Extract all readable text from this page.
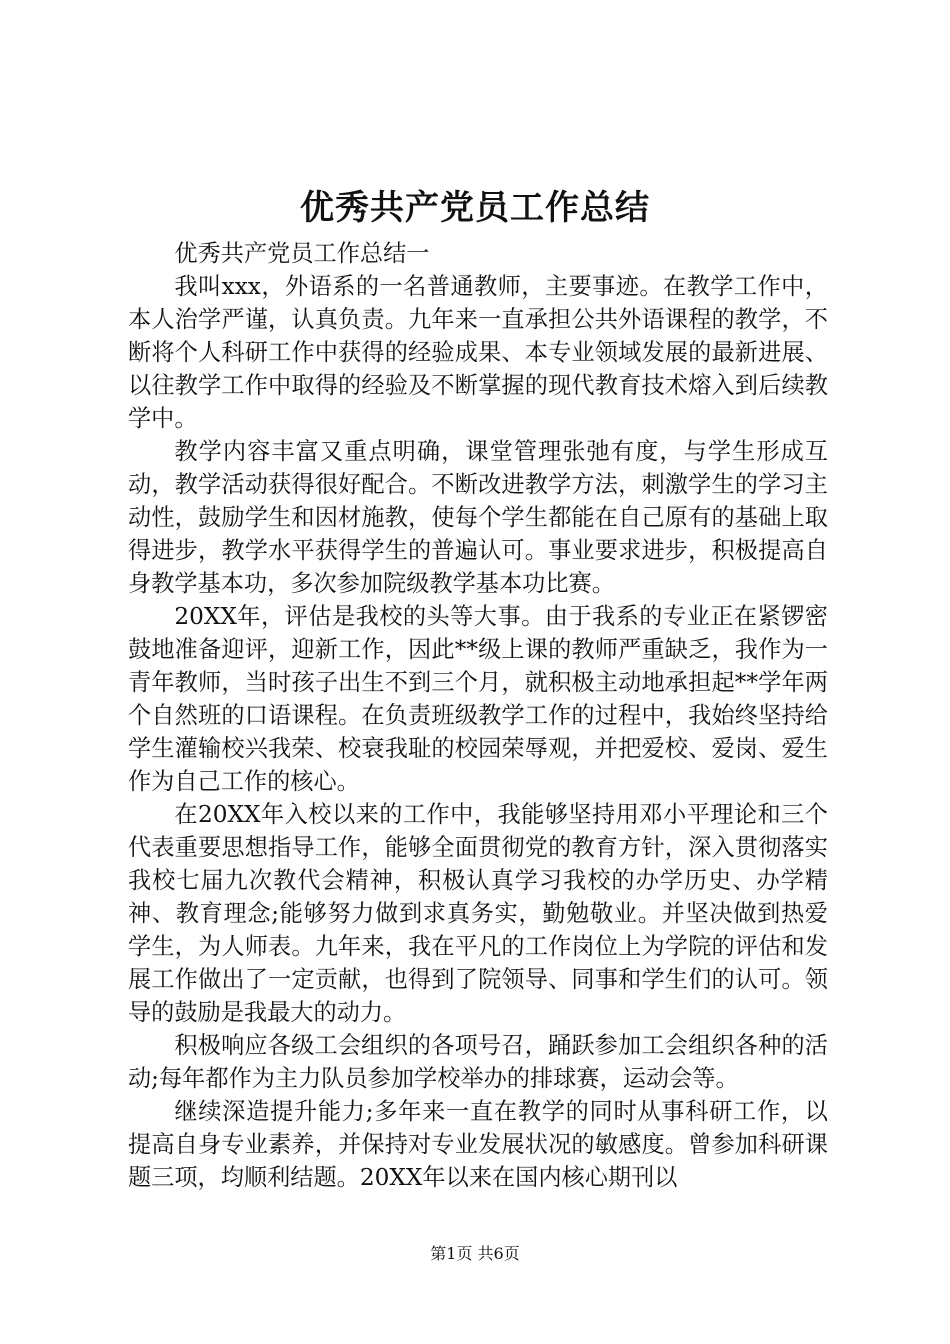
优秀共产党员工作总结

优秀共产党员工作总结一

我叫xxx，外语系的一名普通教师，主要事迹。在教学工作中，本人治学严谨，认真负责。九年来一直承担公共外语课程的教学，不断将个人科研工作中获得的经验成果、本专业领域发展的最新进展、以往教学工作中取得的经验及不断掌握的现代教育技术熔入到后续教学中。

教学内容丰富又重点明确，课堂管理张弛有度，与学生形成互动，教学活动获得很好配合。不断改进教学方法，刺激学生的学习主动性，鼓励学生和因材施教，使每个学生都能在自己原有的基础上取得进步，教学水平获得学生的普遍认可。事业要求进步，积极提高自身教学基本功，多次参加院级教学基本功比赛。

20XX年，评估是我校的头等大事。由于我系的专业正在紧锣密鼓地准备迎评，迎新工作，因此**级上课的教师严重缺乏，我作为一青年教师，当时孩子出生不到三个月，就积极主动地承担起**学年两个自然班的口语课程。在负责班级教学工作的过程中，我始终坚持给学生灌输校兴我荣、校衰我耻的校园荣辱观，并把爱校、爱岗、爱生作为自己工作的核心。

在20XX年入校以来的工作中，我能够坚持用邓小平理论和三个代表重要思想指导工作，能够全面贯彻党的教育方针，深入贯彻落实我校七届九次教代会精神，积极认真学习我校的办学历史、办学精神、教育理念;能够努力做到求真务实，勤勉敬业。并坚决做到热爱学生，为人师表。九年来，我在平凡的工作岗位上为学院的评估和发展工作做出了一定贡献，也得到了院领导、同事和学生们的认可。领导的鼓励是我最大的动力。

积极响应各级工会组织的各项号召，踊跃参加工会组织各种的活动;每年都作为主力队员参加学校举办的排球赛，运动会等。

继续深造提升能力;多年来一直在教学的同时从事科研工作，以提高自身专业素养，并保持对专业发展状况的敏感度。曾参加科研课题三项，均顺利结题。20XX年以来在国内核心期刊以

第1页 共6页
